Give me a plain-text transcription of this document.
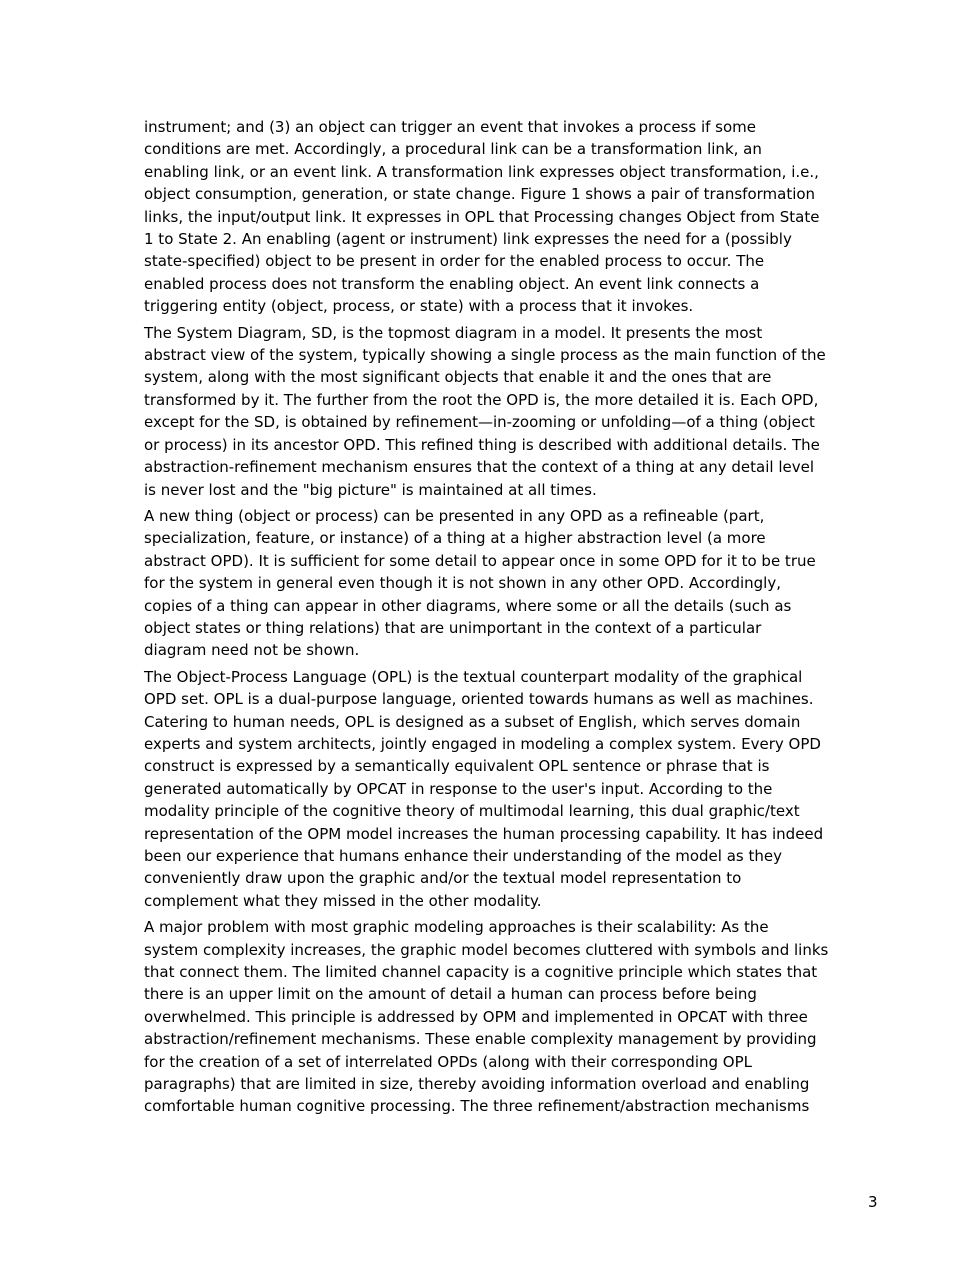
instrument; and (3) an object can trigger an event that invokes a process if some
conditions are met. Accordingly, a procedural link can be a transformation link, an
enabling link, or an event link. A transformation link expresses object transformation, i.e.,
object consumption, generation, or state change. Figure 1 shows a pair of transformation
links, the input/output link. It expresses in OPL that Processing changes Object from State
1 to State 2. An enabling (agent or instrument) link expresses the need for a (possibly
state-specified) object to be present in order for the enabled process to occur. The
enabled process does not transform the enabling object. An event link connects a
triggering entity (object, process, or state) with a process that it invokes.
The System Diagram, SD, is the topmost diagram in a model. It presents the most
abstract view of the system, typically showing a single process as the main function of the
system, along with the most significant objects that enable it and the ones that are
transformed by it. The further from the root the OPD is, the more detailed it is. Each OPD,
except for the SD, is obtained by refinement—in-zooming or unfolding—of a thing (object
or process) in its ancestor OPD. This refined thing is described with additional details. The
abstraction-refinement mechanism ensures that the context of a thing at any detail level
is never lost and the "big picture" is maintained at all times.
A new thing (object or process) can be presented in any OPD as a refineable (part,
specialization, feature, or instance) of a thing at a higher abstraction level (a more
abstract OPD). It is sufficient for some detail to appear once in some OPD for it to be true
for the system in general even though it is not shown in any other OPD. Accordingly,
copies of a thing can appear in other diagrams, where some or all the details (such as
object states or thing relations) that are unimportant in the context of a particular
diagram need not be shown.
The Object-Process Language (OPL) is the textual counterpart modality of the graphical
OPD set. OPL is a dual-purpose language, oriented towards humans as well as machines.
Catering to human needs, OPL is designed as a subset of English, which serves domain
experts and system architects, jointly engaged in modeling a complex system. Every OPD
construct is expressed by a semantically equivalent OPL sentence or phrase that is
generated automatically by OPCAT in response to the user's input. According to the
modality principle of the cognitive theory of multimodal learning, this dual graphic/text
representation of the OPM model increases the human processing capability. It has indeed
been our experience that humans enhance their understanding of the model as they
conveniently draw upon the graphic and/or the textual model representation to
complement what they missed in the other modality.
A major problem with most graphic modeling approaches is their scalability: As the
system complexity increases, the graphic model becomes cluttered with symbols and links
that connect them. The limited channel capacity is a cognitive principle which states that
there is an upper limit on the amount of detail a human can process before being
overwhelmed. This principle is addressed by OPM and implemented in OPCAT with three
abstraction/refinement mechanisms. These enable complexity management by providing
for the creation of a set of interrelated OPDs (along with their corresponding OPL
paragraphs) that are limited in size, thereby avoiding information overload and enabling
comfortable human cognitive processing. The three refinement/abstraction mechanisms
3
